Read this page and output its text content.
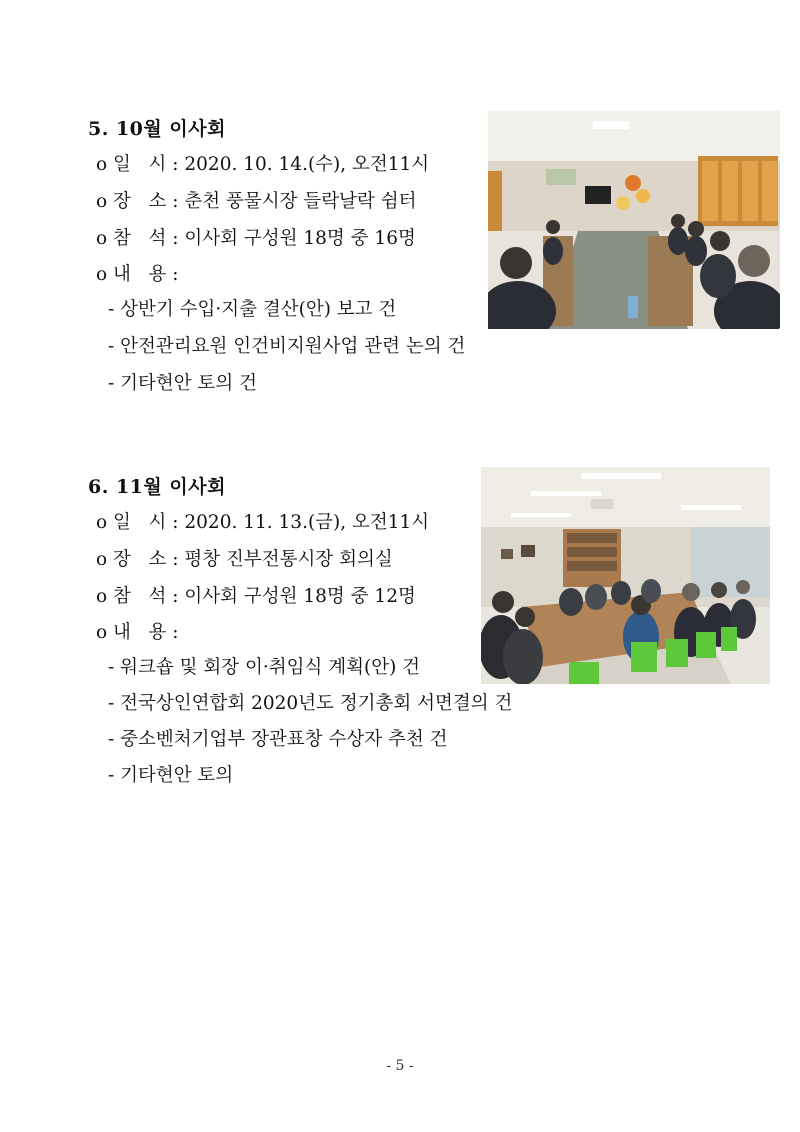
5. 10월 이사회
o 일   시 : 2020. 10. 14.(수), 오전11시
o 장   소 : 춘천 풍물시장 들락날락 쉼터
o 참   석 : 이사회 구성원 18명 중 16명
o 내   용 :
- 상반기 수입·지출 결산(안) 보고 건
- 안전관리요원 인건비지원사업 관련 논의 건
- 기타현안 토의 건
6. 11월 이사회
o 일   시 : 2020. 11. 13.(금), 오전11시
o 장   소 : 평창 진부전통시장 회의실
o 참   석 : 이사회 구성원 18명 중 12명
o 내   용 :
- 워크숍 및 회장 이·취임식 계획(안) 건
- 전국상인연합회 2020년도 정기총회 서면결의 건
- 중소벤처기업부 장관표창 수상자 추천 건
- 기타현안 토의
- 5 -
